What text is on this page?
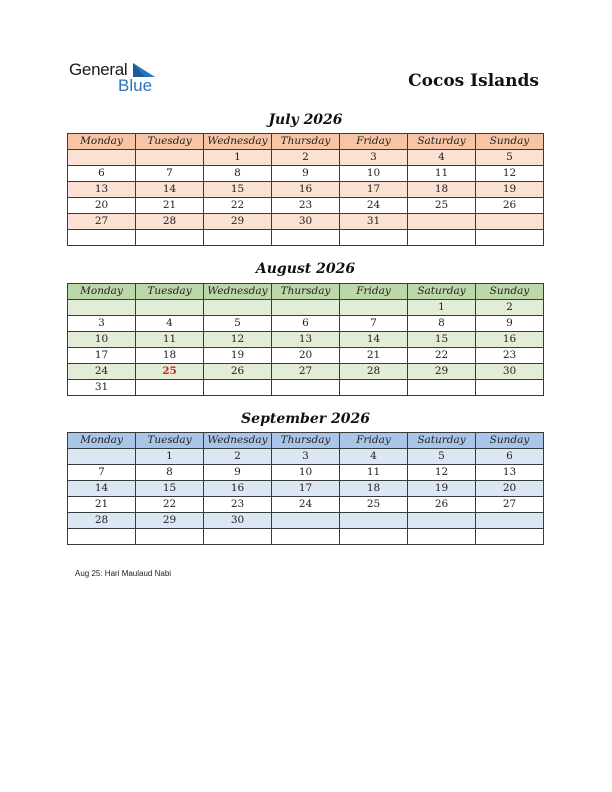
General
Blue	Cocos Islands
July 2026
Monday	Tuesday	Wednesday	Thursday	Friday	Saturday	Sunday
		1	2	3	4	5
6	7	8	9	10	11	12
13	14	15	16	17	18	19
20	21	22	23	24	25	26
27	28	29	30	31		

August 2026
Monday	Tuesday	Wednesday	Thursday	Friday	Saturday	Sunday
					1	2
3	4	5	6	7	8	9
10	11	12	13	14	15	16
17	18	19	20	21	22	23
24	25	26	27	28	29	30
31						
September 2026
Monday	Tuesday	Wednesday	Thursday	Friday	Saturday	Sunday
	1	2	3	4	5	6
7	8	9	10	11	12	13
14	15	16	17	18	19	20
21	22	23	24	25	26	27
28	29	30				

Aug 25: Hari Maulaud Nabi
